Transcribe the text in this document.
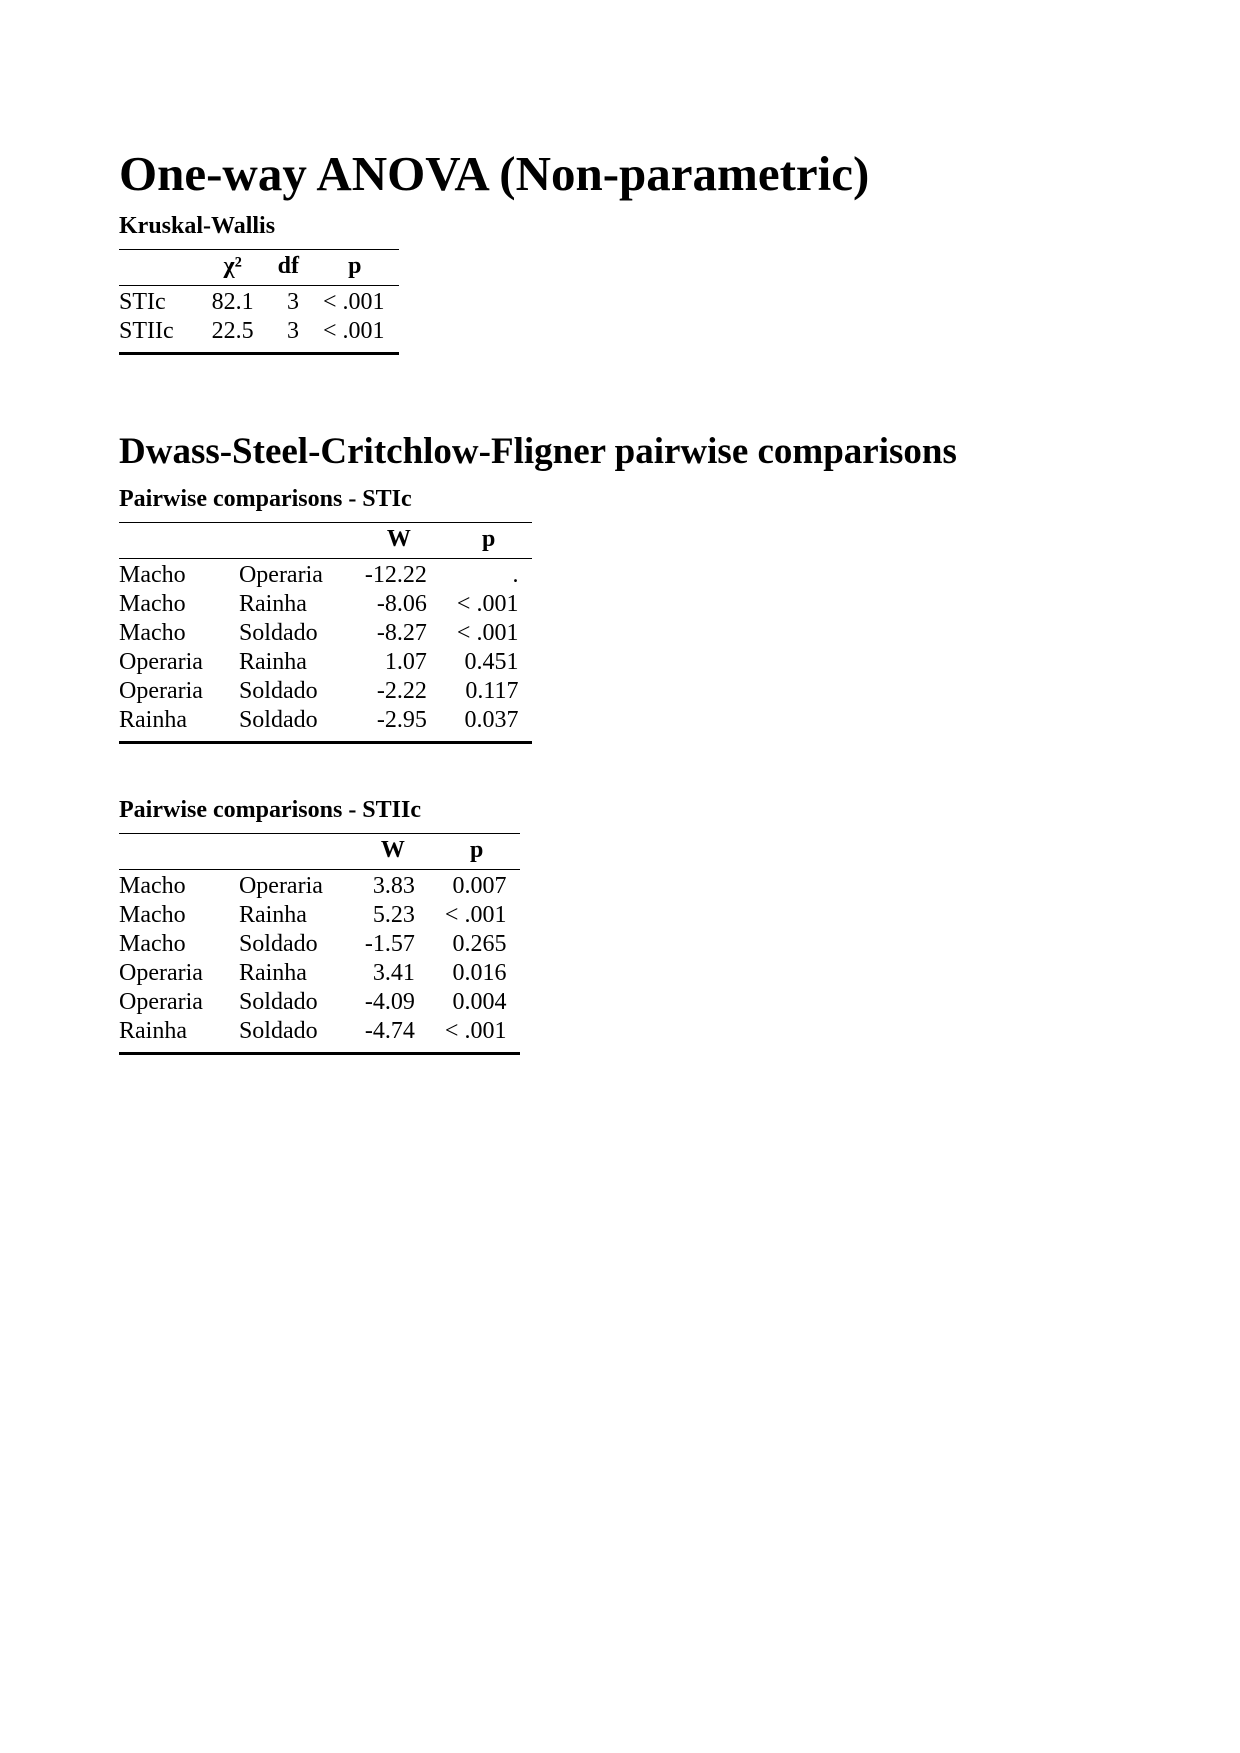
One-way ANOVA (Non-parametric)

Kruskal-Wallis

	χ²	df	p
STIc	82.1	3	< .001
STIIc	22.5	3	< .001
Dwass-Steel-Critchlow-Fligner pairwise comparisons

Pairwise comparisons - STIc

		W	p
Macho	Operaria	-12.22	.
Macho	Rainha	-8.06	< .001
Macho	Soldado	-8.27	< .001
Operaria	Rainha	1.07	0.451
Operaria	Soldado	-2.22	0.117
Rainha	Soldado	-2.95	0.037

Pairwise comparisons - STIIc

		W	p
Macho	Operaria	3.83	0.007
Macho	Rainha	5.23	< .001
Macho	Soldado	-1.57	0.265
Operaria	Rainha	3.41	0.016
Operaria	Soldado	-4.09	0.004
Rainha	Soldado	-4.74	< .001
